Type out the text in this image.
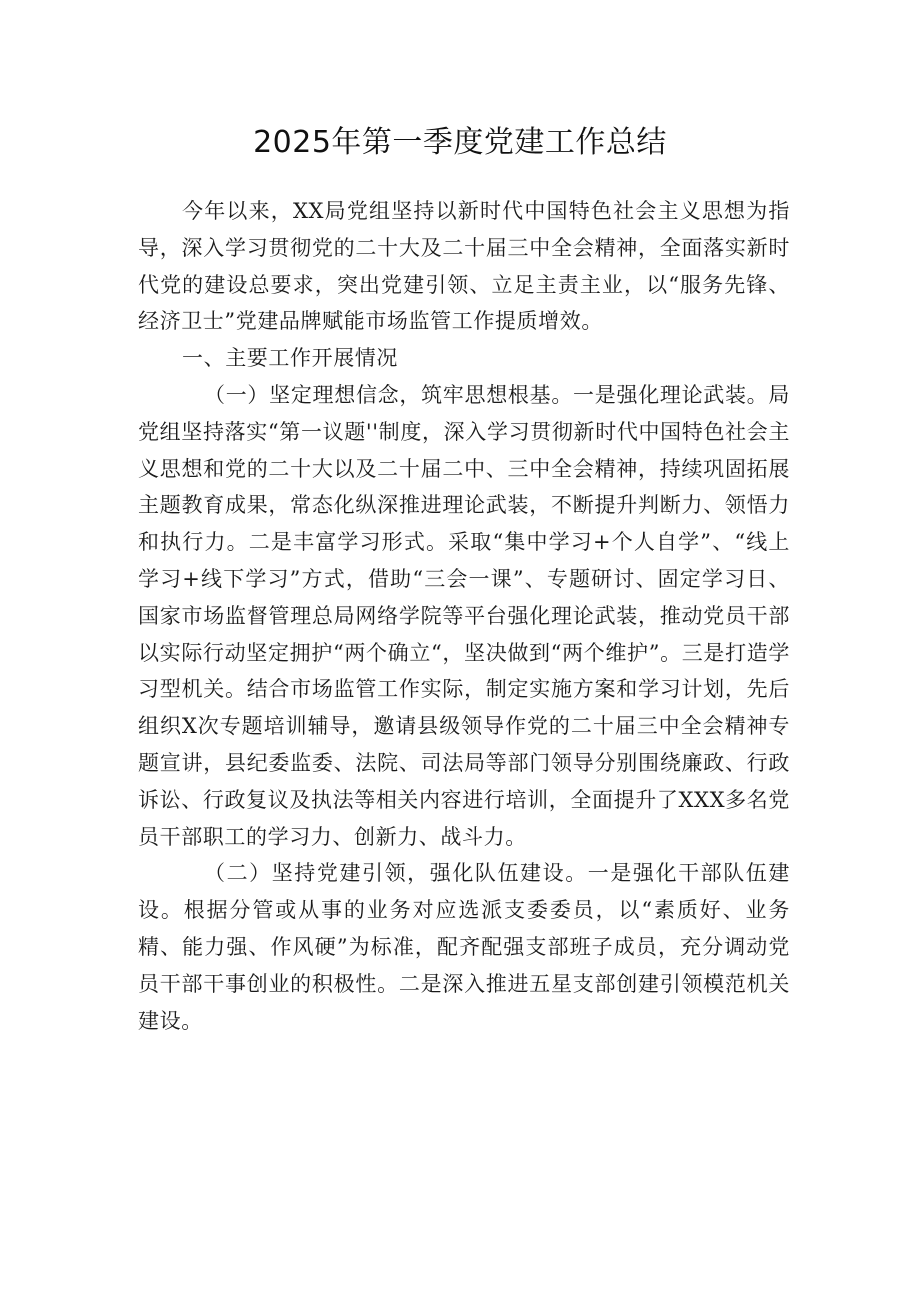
2025年第一季度党建工作总结

今年以来，XX局党组坚持以新时代中国特色社会主义思想为指导，深入学习贯彻党的二十大及二十届三中全会精神，全面落实新时代党的建设总要求，突出党建引领、立足主责主业，以“服务先锋、经济卫士”党建品牌赋能市场监管工作提质增效。

一、主要工作开展情况

（一）坚定理想信念，筑牢思想根基。一是强化理论武装。局党组坚持落实“第一议题''制度，深入学习贯彻新时代中国特色社会主义思想和党的二十大以及二十届二中、三中全会精神，持续巩固拓展主题教育成果，常态化纵深推进理论武装，不断提升判断力、领悟力和执行力。二是丰富学习形式。采取“集中学习+个人自学”、“线上学习+线下学习”方式，借助“三会一课”、专题研讨、固定学习日、国家市场监督管理总局网络学院等平台强化理论武装，推动党员干部以实际行动坚定拥护“两个确立“，坚决做到“两个维护”。三是打造学习型机关。结合市场监管工作实际，制定实施方案和学习计划，先后组织X次专题培训辅导，邀请县级领导作党的二十届三中全会精神专题宣讲，县纪委监委、法院、司法局等部门领导分别围绕廉政、行政诉讼、行政复议及执法等相关内容进行培训，全面提升了XXX多名党员干部职工的学习力、创新力、战斗力。

（二）坚持党建引领，强化队伍建设。一是强化干部队伍建设。根据分管或从事的业务对应选派支委委员，以“素质好、业务精、能力强、作风硬”为标准，配齐配强支部班子成员，充分调动党员干部干事创业的积极性。二是深入推进五星支部创建引领模范机关建设。
